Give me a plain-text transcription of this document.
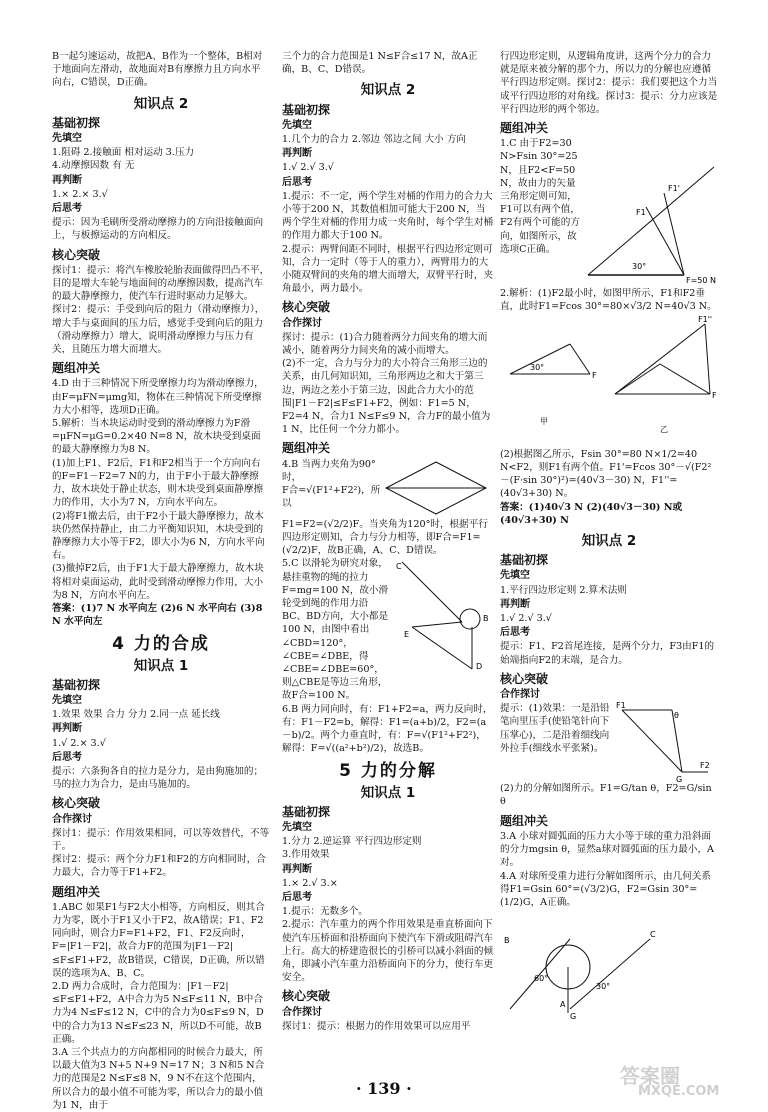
B一起匀速运动，故把A、B作为一个整体，B相对于地面向左滑动，故地面对B有摩擦力且方向水平向右，C错误，D正确。

知识点 2
基础初探
先填空

1.阻碍 2.接触面 相对运动 3.压力

4.动摩擦因数 有 无

再判断

1.× 2.× 3.√

后思考

提示：因为毛刷所受滑动摩擦力的方向沿接触面向上，与板擦运动的方向相反。

核心突破

探讨1：提示：将汽车橡胶轮胎表面做得凹凸不平，目的是增大车轮与地面间的动摩擦因数，提高汽车的最大静摩擦力，使汽车行进时驱动力足够大。

探讨2：提示：手受到向后的阻力（滑动摩擦力），增大手与桌面间的压力后，感觉手受到向后的阻力（滑动摩擦力）增大，说明滑动摩擦力与压力有关，且随压力增大而增大。

题组冲关

4.D 由于三种情况下所受摩擦力均为滑动摩擦力，由F=μFN=μmg知，物体在三种情况下所受摩擦力大小相等，选项D正确。

5.解析：当木块运动时受到的滑动摩擦力为F滑=μFN=μG=0.2×40 N=8 N，故木块受到桌面的最大静摩擦力为8 N。

(1)加上F1、F2后，F1和F2相当于一个方向向右的F=F1－F2=7 N的力，由于F小于最大静摩擦力，故木块处于静止状态，则木块受到桌面静摩擦力的作用，大小为7 N，方向水平向左。

(2)将F1撤去后，由于F2小于最大静摩擦力，故木块仍然保持静止，由二力平衡知识知，木块受到的静摩擦力大小等于F2，即大小为6 N，方向水平向右。

(3)撤掉F2后，由于F1大于最大静摩擦力，故木块将相对桌面运动，此时受到滑动摩擦力作用，大小为8 N，方向水平向左。

答案：(1)7 N 水平向左 (2)6 N 水平向右 (3)8 N 水平向左

4 力的合成
知识点 1
基础初探
先填空

1.效果 效果 合力 分力 2.同一点 延长线

再判断

1.√ 2.× 3.√

后思考

提示：六条狗各自的拉力是分力，是由狗施加的；马的拉力为合力，是由马施加的。

核心突破
合作探讨

探讨1：提示：作用效果相同，可以等效替代，不等于。

探讨2：提示：两个分力F1和F2的方向相同时，合力最大，合力等于F1+F2。

题组冲关

1.ABC 如果F1与F2大小相等，方向相反，则其合力为零，既小于F1又小于F2，故A错误；F1、F2同向时，则合力F=F1+F2，F1、F2反向时，F=|F1－F2|，故合力F的范围为|F1－F2|≤F≤F1+F2，故B错误，C错误，D正确，所以错误的选项为A、B、C。

2.D 两力合成时，合力范围为：|F1－F2|≤F≤F1+F2，A中合力为5 N≤F≤11 N，B中合力为4 N≤F≤12 N，C中的合力为0≤F≤9 N，D中的合力为13 N≤F≤23 N，所以D不可能，故B正确。

3.A 三个共点力的方向都相同的时候合力最大，所以最大值为3 N+5 N+9 N=17 N；3 N和5 N合力的范围是2 N≤F≤8 N，9 N不在这个范围内，所以合力的最小值不可能为零，所以合力的最小值为1 N，由于

三个力的合力范围是1 N≤F合≤17 N，故A正确，B、C、D错误。

知识点 2
基础初探
先填空

1.几个力的合力 2.邻边 邻边之间 大小 方向

再判断

1.√ 2.√ 3.√

后思考

1.提示：不一定，两个学生对桶的作用力的合力大小等于200 N，其数值相加可能大于200 N，当两个学生对桶的作用力成一夹角时，每个学生对桶的作用力都大于100 N。

2.提示：两臂间距不同时，根据平行四边形定则可知，合力一定时（等于人的重力），两臂用力的大小随双臂间的夹角的增大而增大，双臂平行时，夹角最小，两力最小。

核心突破
合作探讨

探讨：提示：(1)合力随着两分力间夹角的增大而减小，随着两分力间夹角的减小而增大。

(2)不一定，合力与分力的大小符合三角形三边的关系，由几何知识知，三角形两边之和大于第三边，两边之差小于第三边，因此合力大小的范围|F1－F2|≤F≤F1+F2，例如：F1=5 N，F2=4 N，合力1 N≤F≤9 N，合力F的最小值为1 N，比任何一个分力都小。

题组冲关

4.B 当两力夹角为90°时，

F合=√(F1²+F2²)，所以

F1=F2=(√2/2)F。当夹角为120°时，根据平行四边形定则知，合力与分力相等，即F合=F1=(√2/2)F，故B正确，A、C、D错误。

5.C 以滑轮为研究对象，悬挂重物的绳的拉力F=mg=100 N，故小滑轮受到绳的作用力沿BC、BD方向，大小都是100 N，由图中看出∠CBD=120°，∠CBE=∠DBE，得∠CBE=∠DBE=60°，则△CBE是等边三角形，故F合=100 N。

C
B
E
D

6.B 两力同向时，有：F1+F2=a，两力反向时，有：F1－F2=b，解得：F1=(a+b)/2，F2=(a－b)/2。两个力垂直时，有：F=√(F1²+F2²)，解得：F=√((a²+b²)/2)，故选B。

5 力的分解
知识点 1
基础初探
先填空

1.分力 2.逆运算 平行四边形定则

3.作用效果

再判断

1.× 2.√ 3.×

后思考

1.提示：无数多个。

2.提示：汽车重力的两个作用效果是垂直桥面向下使汽车压桥面和沿桥面向下使汽车下滑或阻碍汽车上行。高大的桥建造很长的引桥可以减小斜面的倾角，即减小汽车重力沿桥面向下的分力，使行车更安全。

核心突破
合作探讨

探讨1：提示：根据力的作用效果可以应用平

行四边形定则，从逻辑角度讲，这两个分力的合力就是原来被分解的那个力，所以力的分解也应遵循平行四边形定则。探讨2：提示：我们要把这个力当成平行四边形的对角线。探讨3：提示：分力应该是平行四边形的两个邻边。

题组冲关

1.C 由于F2=30 N>Fsin 30°=25 N，且F2<F=50 N，故由力的矢量三角形定则可知，F1可以有两个值，F2有两个可能的方向，如图所示，故选项C正确。

30°
F=50 N
F1
F1'

2.解析：(1)F2最小时，如图甲所示，F1和F2垂直，此时F1=Fcos 30°=80×√3/2 N=40√3 N。

30°
F
甲
F1''
F
乙

(2)根据图乙所示，Fsin 30°=80 N×1/2=40 N<F2，则F1有两个值。F1'=Fcos 30°－√(F2²－(F·sin 30°)²)=(40√3－30) N，F1''=(40√3+30) N。

答案：(1)40√3 N (2)(40√3－30) N或(40√3+30) N

知识点 2
基础初探
先填空

1.平行四边形定则 2.算术法则

再判断

1.√ 2.√ 3.√

后思考

提示：F1、F2首尾连接，是两个分力，F3由F1的始端指向F2的末端，是合力。

核心突破
合作探讨

提示：(1)效果：一是沿铅笔向里压手(使铅笔针向下压掌心)，二是沿着细线向外拉手(细线水平张紧)。

F1
θ
G
F2

(2)力的分解如图所示。F1=G/tan θ，F2=G/sin θ

题组冲关

3.A 小球对圆弧面的压力大小等于球的重力沿斜面的分力mgsin θ，显然a球对圆弧面的压力最小，A对。

4.A 对球所受重力进行分解如图所示，由几何关系得F1=Gsin 60°=(√3/2)G，F2=Gsin 30°=(1/2)G，A正确。

B
C
60°
30°
A
G
· 139 ·
答案圈
MXQE.COM
